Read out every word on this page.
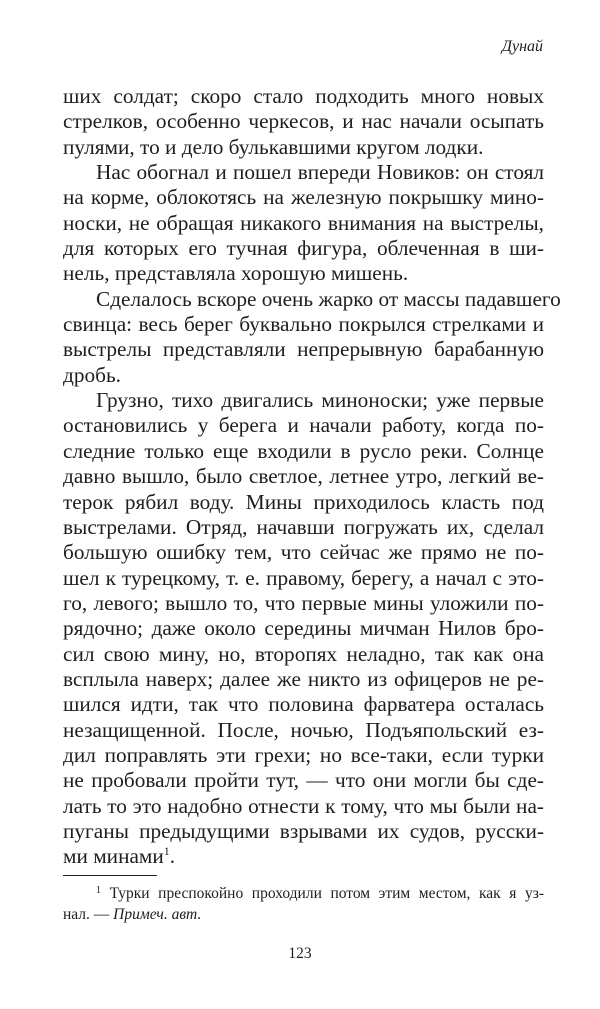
Дунай
ших солдат; скоро стало подходить много новых
стрелков, особенно черкесов, и нас начали осыпать
пулями, то и дело булькавшими кругом лодки.
Нас обогнал и пошел впереди Новиков: он стоял
на корме, облокотясь на железную покрышку мино-
носки, не обращая никакого внимания на выстрелы,
для которых его тучная фигура, облеченная в ши-
нель, представляла хорошую мишень.
Сделалось вскоре очень жарко от массы падавшего
свинца: весь берег буквально покрылся стрелками и
выстрелы представляли непрерывную барабанную
дробь.
Грузно, тихо двигались миноноски; уже первые
остановились у берега и начали работу, когда по-
следние только еще входили в русло реки. Солнце
давно вышло, было светлое, летнее утро, легкий ве-
терок рябил воду. Мины приходилось класть под
выстрелами. Отряд, начавши погружать их, сделал
большую ошибку тем, что сейчас же прямо не по-
шел к турецкому, т. е. правому, берегу, а начал с это-
го, левого; вышло то, что первые мины уложили по-
рядочно; даже около середины мичман Нилов бро-
сил свою мину, но, второпях неладно, так как она
всплыла наверх; далее же никто из офицеров не ре-
шился идти, так что половина фарватера осталась
незащищенной. После, ночью, Подъяпольский ез-
дил поправлять эти грехи; но все-таки, если турки
не пробовали пройти тут, — что они могли бы сде-
лать то это надобно отнести к тому, что мы были на-
пуганы предыдущими взрывами их судов, русски-
ми минами$^1$.
$^1$ Турки преспокойно проходили потом этим местом, как я уз-
нал. — Примеч. авт.
123
